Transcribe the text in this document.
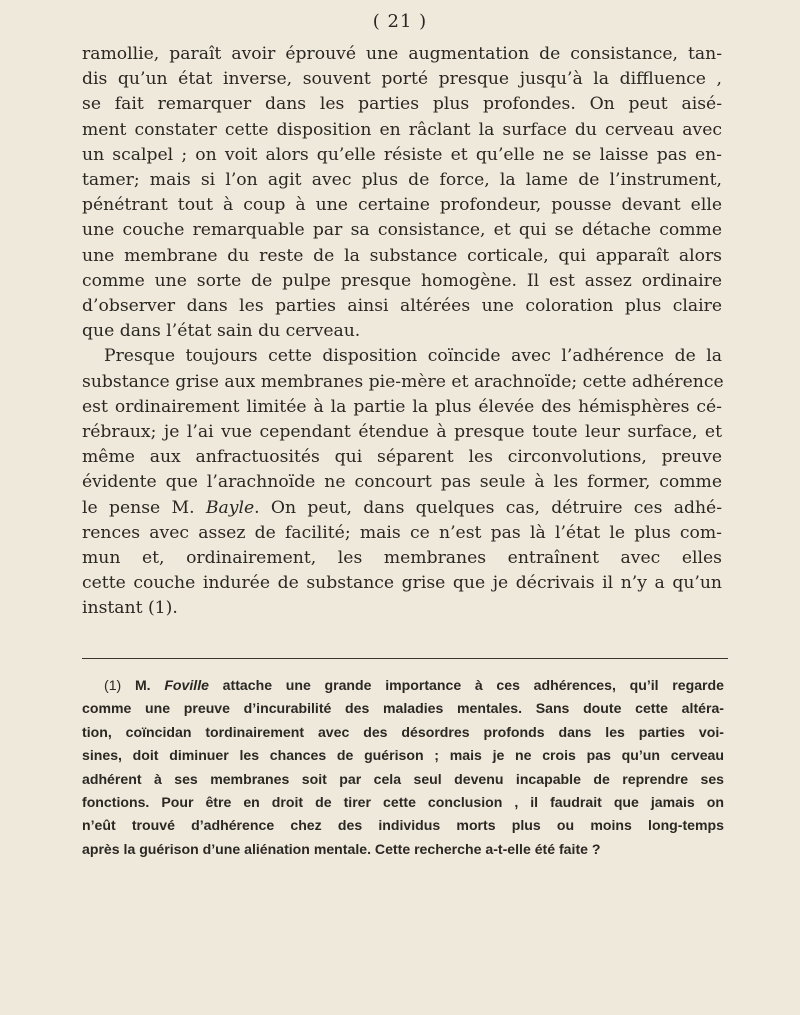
( 21 )

ramollie, paraît avoir éprouvé une augmentation de consistance, tan-
dis qu’un état inverse, souvent porté presque jusqu’à la diffluence ,
se fait remarquer dans les parties plus profondes. On peut aisé-
ment constater cette disposition en râclant la surface du cerveau avec
un scalpel ; on voit alors qu’elle résiste et qu’elle ne se laisse pas en-
tamer; mais si l’on agit avec plus de force, la lame de l’instrument,
pénétrant tout à coup à une certaine profondeur, pousse devant elle
une couche remarquable par sa consistance, et qui se détache comme
une membrane du reste de la substance corticale, qui apparaît alors
comme une sorte de pulpe presque homogène. Il est assez ordinaire
d’observer dans les parties ainsi altérées une coloration plus claire
que dans l’état sain du cerveau.

Presque toujours cette disposition coïncide avec l’adhérence de la
substance grise aux membranes pie-mère et arachnoïde; cette adhérence
est ordinairement limitée à la partie la plus élevée des hémisphères cé-
rébraux; je l’ai vue cependant étendue à presque toute leur surface, et
même aux anfractuosités qui séparent les circonvolutions, preuve
évidente que l’arachnoïde ne concourt pas seule à les former, comme
le pense M. Bayle. On peut, dans quelques cas, détruire ces adhé-
rences avec assez de facilité; mais ce n’est pas là l’état le plus com-
mun et, ordinairement, les membranes entraînent avec elles
cette couche indurée de substance grise que je décrivais il n’y a qu’un
instant (1).

(1) M. Foville attache une grande importance à ces adhérences, qu’il regarde
comme une preuve d’incurabilité des maladies mentales. Sans doute cette altéra-
tion, coïncidan tordinairement avec des désordres profonds dans les parties voi-
sines, doit diminuer les chances de guérison ; mais je ne crois pas qu’un cerveau
adhérent à ses membranes soit par cela seul devenu incapable de reprendre ses
fonctions. Pour être en droit de tirer cette conclusion , il faudrait que jamais on
n’eût trouvé d’adhérence chez des individus morts plus ou moins long-temps
après la guérison d’une aliénation mentale. Cette recherche a-t-elle été faite ?
